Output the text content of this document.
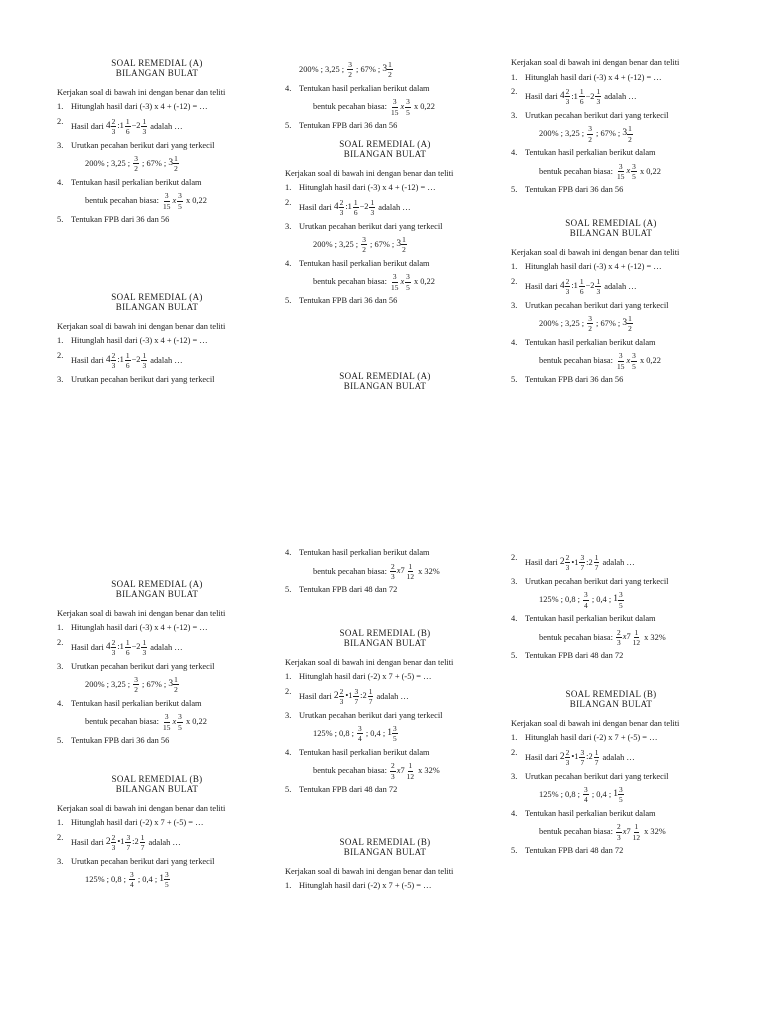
SOAL REMEDIAL (A)
BILANGAN BULAT
Kerjakan soal di bawah ini dengan benar dan teliti
1. Hitunglah hasil dari (-3) x 4 + (-12) = …
2.
Hasil dari $4 \frac{2}{3}$ :1 $\frac{1}{6} -2 \frac{1}{3}$ adalah …
3. Urutkan pecahan berikut dari yang terkecil
200% ; 3,25 ; $\frac{3}{2}$ ; 67% ; $3 \frac{1}{2}$
4. Tentukan hasil perkalian berikut dalam
bentuk pecahan biasa: $\frac{3}{15}$ x $\frac{3}{5}$ x 0,22
5. Tentukan FPB dari 36 dan 56
SOAL REMEDIAL (A)
BILANGAN BULAT
Kerjakan soal di bawah ini dengan benar dan teliti
1. Hitunglah hasil dari (-3) x 4 + (-12) = …
2.
Hasil dari $4 \frac{2}{3}$ :1 $\frac{1}{6} -2 \frac{1}{3}$ adalah …
3. Urutkan pecahan berikut dari yang terkecil
200% ; 3,25 ; $\frac{3}{2}$ ; 67% ; $3 \frac{1}{2}$
4. Tentukan hasil perkalian berikut dalam
bentuk pecahan biasa: $\frac{3}{15}$ x $\frac{3}{5}$ x 0,22
5. Tentukan FPB dari 36 dan 56
SOAL REMEDIAL (A)
BILANGAN BULAT
Kerjakan soal di bawah ini dengan benar dan teliti
1. Hitunglah hasil dari (-3) x 4 + (-12) = …
2.
Hasil dari $4 \frac{2}{3}$ :1 $\frac{1}{6} -2 \frac{1}{3}$ adalah …
3. Urutkan pecahan berikut dari yang terkecil
200% ; 3,25 ; $\frac{3}{2}$ ; 67% ; $3 \frac{1}{2}$
4. Tentukan hasil perkalian berikut dalam
bentuk pecahan biasa: $\frac{3}{15}$ x $\frac{3}{5}$ x 0,22
5. Tentukan FPB dari 36 dan 56
SOAL REMEDIAL (A)
BILANGAN BULAT
Kerjakan soal di bawah ini dengan benar dan teliti
1. Hitunglah hasil dari (-3) x 4 + (-12) = …
2.
Hasil dari $4 \frac{2}{3}$ :1 $\frac{1}{6} -2 \frac{1}{3}$ adalah …
3. Urutkan pecahan berikut dari yang terkecil
200% ; 3,25 ; $\frac{3}{2}$ ; 67% ; $3 \frac{1}{2}$
4. Tentukan hasil perkalian berikut dalam
bentuk pecahan biasa: $\frac{3}{15}$ x $\frac{3}{5}$ x 0,22
5. Tentukan FPB dari 36 dan 56
SOAL REMEDIAL (A)
BILANGAN BULAT
Kerjakan soal di bawah ini dengan benar dan teliti
1. Hitunglah hasil dari (-3) x 4 + (-12) = …
2.
Hasil dari $4 \frac{2}{3}$ :1 $\frac{1}{6} -2 \frac{1}{3}$ adalah …
3. Urutkan pecahan berikut dari yang terkecil
200% ; 3,25 ; $\frac{3}{2}$ ; 67% ; $3 \frac{1}{2}$
4. Tentukan hasil perkalian berikut dalam
bentuk pecahan biasa: $\frac{3}{15}$ x $\frac{3}{5}$ x 0,22
5. Tentukan FPB dari 36 dan 56
SOAL REMEDIAL (A)
BILANGAN BULAT
Kerjakan soal di bawah ini dengan benar dan teliti
1. Hitunglah hasil dari (-3) x 4 + (-12) = …
2.
Hasil dari $4 \frac{2}{3}$ :1 $\frac{1}{6} -2 \frac{1}{3}$ adalah …
3. Urutkan pecahan berikut dari yang terkecil
200% ; 3,25 ; $\frac{3}{2}$ ; 67% ; $3 \frac{1}{2}$
4. Tentukan hasil perkalian berikut dalam
bentuk pecahan biasa: $\frac{3}{15}$ x $\frac{3}{5}$ x 0,22
5. Tentukan FPB dari 36 dan 56
SOAL REMEDIAL (B)
BILANGAN BULAT
Kerjakan soal di bawah ini dengan benar dan teliti
1. Hitunglah hasil dari (-2) x 7 + (-5) = …
2.
Hasil dari $2 \frac{2}{3}$ •1 $\frac{3}{7}$ :2 $\frac{1}{7}$ adalah …
3. Urutkan pecahan berikut dari yang terkecil
125% ; 0,8 ; $\frac{3}{4}$ ; 0,4 ; $1 \frac{3}{5}$
4. Tentukan hasil perkalian berikut dalam
bentuk pecahan biasa: $\frac{2}{3}$ x $7 \frac{1}{12}$ x 32%
5. Tentukan FPB dari 48 dan 72
SOAL REMEDIAL (B)
BILANGAN BULAT
Kerjakan soal di bawah ini dengan benar dan teliti
1. Hitunglah hasil dari (-2) x 7 + (-5) = …
2.
Hasil dari $2 \frac{2}{3}$ •1 $\frac{3}{7}$ :2 $\frac{1}{7}$ adalah …
3. Urutkan pecahan berikut dari yang terkecil
125% ; 0,8 ; $\frac{3}{4}$ ; 0,4 ; $1 \frac{3}{5}$
4. Tentukan hasil perkalian berikut dalam
bentuk pecahan biasa: $\frac{2}{3}$ x $7 \frac{1}{12}$ x 32%
5. Tentukan FPB dari 48 dan 72
SOAL REMEDIAL (B)
BILANGAN BULAT
Kerjakan soal di bawah ini dengan benar dan teliti
1. Hitunglah hasil dari (-2) x 7 + (-5) = …
2.
Hasil dari $2 \frac{2}{3}$ •1 $\frac{3}{7}$ :2 $\frac{1}{7}$ adalah …
3. Urutkan pecahan berikut dari yang terkecil
125% ; 0,8 ; $\frac{3}{4}$ ; 0,4 ; $1 \frac{3}{5}$
4. Tentukan hasil perkalian berikut dalam
bentuk pecahan biasa: $\frac{2}{3}$ x $7 \frac{1}{12}$ x 32%
5. Tentukan FPB dari 48 dan 72
SOAL REMEDIAL (B)
BILANGAN BULAT
Kerjakan soal di bawah ini dengan benar dan teliti
1. Hitunglah hasil dari (-2) x 7 + (-5) = …
2.
Hasil dari $2 \frac{2}{3}$ •1 $\frac{3}{7}$ :2 $\frac{1}{7}$ adalah …
3. Urutkan pecahan berikut dari yang terkecil
125% ; 0,8 ; $\frac{3}{4}$ ; 0,4 ; $1 \frac{3}{5}$
4. Tentukan hasil perkalian berikut dalam
bentuk pecahan biasa: $\frac{2}{3}$ x $7 \frac{1}{12}$ x 32%
5. Tentukan FPB dari 48 dan 72
